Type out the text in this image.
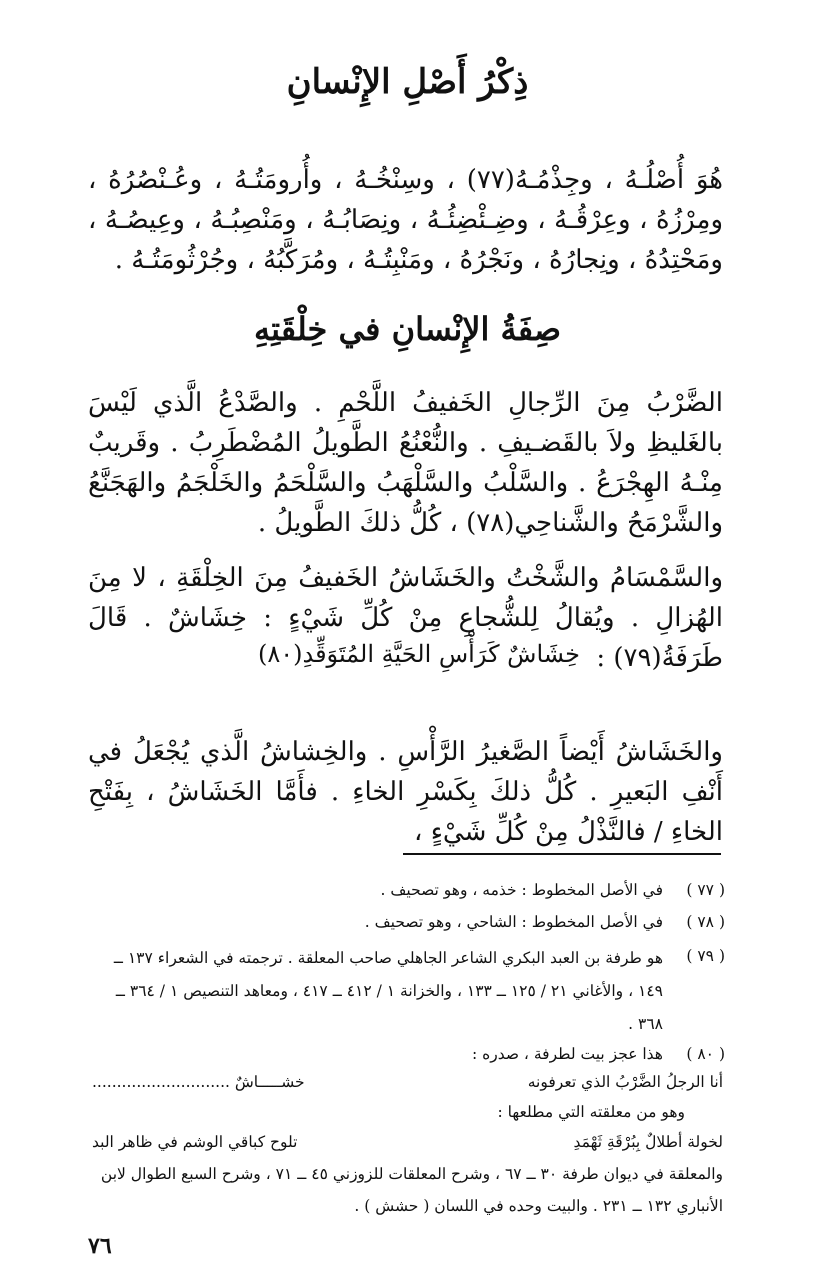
ذِكْرُ أَصْلِ الإِنْسانِ

هُوَ أُصْلُـهُ ، وجِذْمُـهُ(٧٧) ، وسِنْخُـهُ ، وأُرومَتُـهُ ، وعُـنْصُرُهُ ، ومِرْزُهُ ، وعِرْقُـهُ ، وضِـئْضِئُـهُ ، ونِصَابُـهُ ، ومَنْصِبُـهُ ، وعِيصُـهُ ، ومَحْتِدُهُ ، ونِجارُهُ ، ونَجْرُهُ ، ومَنْبِتُـهُ ، ومُرَكَّبُهُ ، وجُرْثُومَتُـهُ .

صِفَةُ الإِنْسانِ في خِلْقَتِهِ

الضَّرْبُ مِنَ الرِّجالِ الخَفيفُ اللَّحْمِ . والصَّدْعُ الَّذي لَيْسَ بالغَليظِ ولاَ بالقَضـيفِ . والنُّعْنُعُ الطَّويلُ المُضْطَرِبُ . وقَريبٌ مِنْـهُ الهِجْرَعُ . والسَّلْبُ والسَّلْهَبُ والسَّلْحَمُ والخَلْجَمُ والهَجَنَّعُ والشَّرْمَحُ والشَّناحِي(٧٨) ، كُلُّ ذلكَ الطَّويلُ .

والسَّمْسَامُ والشَّخْتُ والخَشَاشُ الخَفيفُ مِنَ الخِلْقَةِ ، لا مِنَ الهُزالِ . ويُقالُ لِلشُّجاعِ مِنْ كُلِّ شَيْءٍ : خِشَاشٌ . قَالَ طَرَفَةُ(٧٩) :

خِشَاشٌ كَرَأْسِ الحَيَّةِ المُتَوَقِّدِ(٨٠)

والخَشَاشُ أَيْضاً الصَّغيرُ الرَّأْسِ . والخِشاشُ الَّذي يُجْعَلُ في أَنْفِ البَعيرِ . كُلُّ ذلكَ بِكَسْرِ الخاءِ . فأَمَّا الخَشَاشُ ، بِفَتْحِ الخاءِ / فالنَّذْلُ مِنْ كُلِّ شَيْءٍ ،

( ٧٧ )
في الأصل المخطوط : خذمه ، وهو تصحيف .
( ٧٨ )
في الأصل المخطوط : الشاحي ، وهو تصحيف .
( ٧٩ )
هو طرفة بن العبد البكري الشاعر الجاهلي صاحب المعلقة . ترجمته في الشعراء ١٣٧ ــ ١٤٩ ، والأغاني ٢١ / ١٢٥ ــ ١٣٣ ، والخزانة ١ / ٤١٢ ــ ٤١٧ ، ومعاهد التنصيص ١ / ٣٦٤ ــ ٣٦٨ .
( ٨٠ )
هذا عجز بيت لطرفة ، صدره :
أنا الرجلُ الضَّرْبُ الذي تعرفونه
خشـــــاشٌ ............................
وهو من معلقته التي مطلعها :
لخولة أطلالٌ بِبُرْقَةِ ثَهْمَدِ
تلوح كباقي الوشم في ظاهر البد
والمعلقة في ديوان طرفة ٣٠ ــ ٦٧ ، وشرح المعلقات للزوزني ٤٥ ــ ٧١ ، وشرح السبع الطوال لابن الأنباري ١٣٢ ــ ٢٣١ . والبيت وحده في اللسان ( حشش ) .
٧٦
